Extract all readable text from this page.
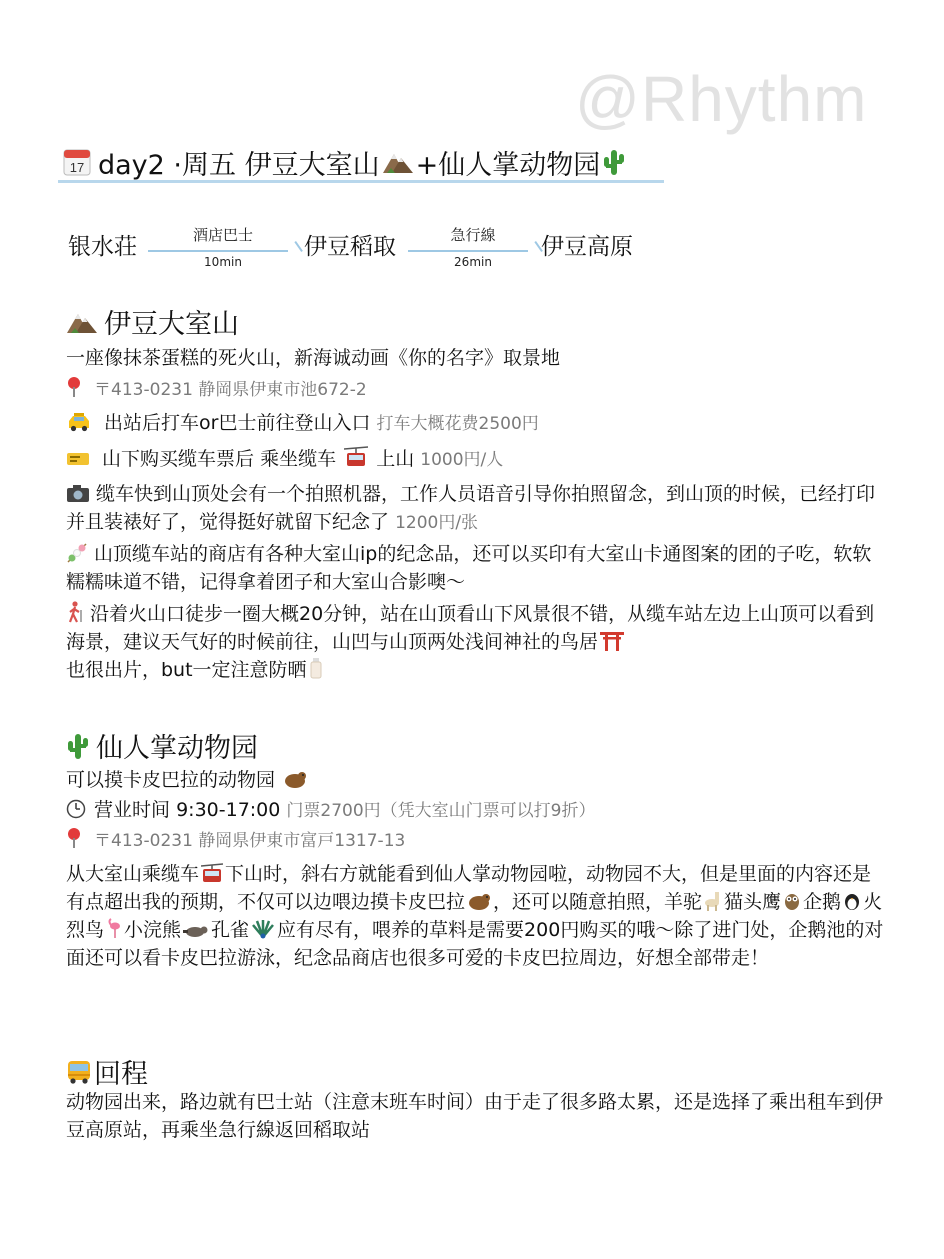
@Rhythm
17 day2 ·周五 伊豆大室山 +仙人掌动物园
银水荘	酒店巴士
10min
伊豆稻取	急行線
26min
伊豆高原
伊豆大室山
一座像抹茶蛋糕的死火山，新海诚动画《你的名字》取景地
〒413-0231 静岡県伊東市池672-2
出站后打车or巴士前往登山入口 打车大概花费2500円
山下购买缆车票后 乘坐缆车 上山 1000円/人
缆车快到山顶处会有一个拍照机器，工作人员语音引导你拍照留念，到山顶的时候，已经打印并且装裱好了，觉得挺好就留下纪念了 1200円/张
山顶缆车站的商店有各种大室山ip的纪念品，还可以买印有大室山卡通图案的团的子吃，软软糯糯味道不错，记得拿着团子和大室山合影噢～
沿着火山口徒步一圈大概20分钟，站在山顶看山下风景很不错，从缆车站左边上山顶可以看到海景，建议天气好的时候前往，山凹与山顶两处浅间神社的鸟居
也很出片，but一定注意防晒
仙人掌动物园
可以摸卡皮巴拉的动物园
营业时间 9:30-17:00 门票2700円（凭大室山门票可以打9折）
〒413-0231 静岡県伊東市富戸1317-13
从大室山乘缆车 下山时，斜右方就能看到仙人掌动物园啦，动物园不大，但是里面的内容还是有点超出我的预期，不仅可以边喂边摸卡皮巴拉 ，还可以随意拍照，羊驼 猫头鹰 企鹅 火烈鸟 小浣熊 孔雀 应有尽有，喂养的草料是需要200円购买的哦～除了进门处，企鹅池的对面还可以看卡皮巴拉游泳，纪念品商店也很多可爱的卡皮巴拉周边，好想全部带走！
回程
动物园出来，路边就有巴士站（注意末班车时间）由于走了很多路太累，还是选择了乘出租车到伊豆高原站，再乘坐急行線返回稻取站
